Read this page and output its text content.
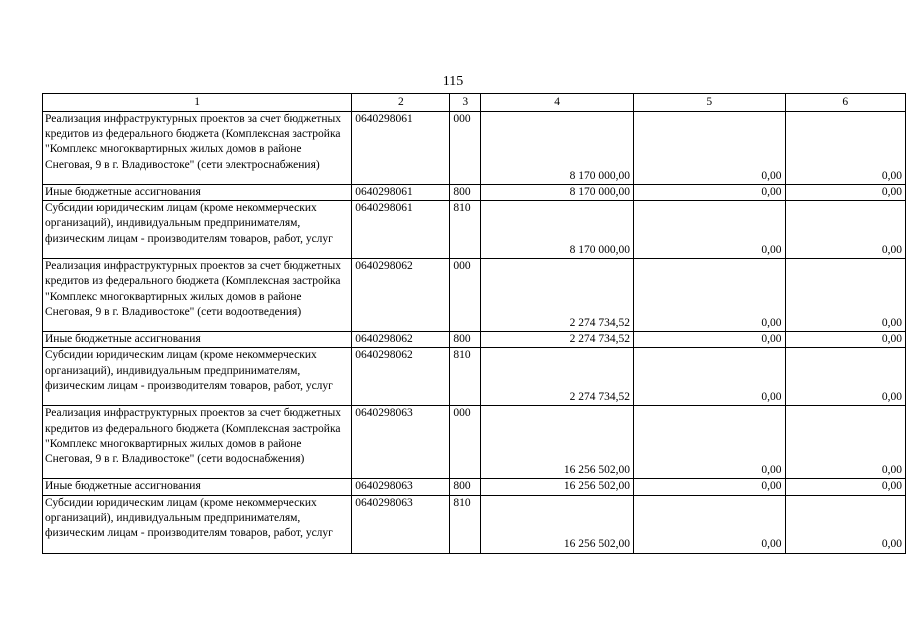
115
1	2	3	4	5	6
Реализация инфраструктурных проектов за счет бюджетных кредитов из федерального бюджета (Комплексная застройка "Комплекс многоквартирных жилых домов в районе Снеговая, 9 в г. Владивостоке" (сети электроснабжения)	0640298061	000	8 170 000,00	0,00	0,00
Иные бюджетные ассигнования	0640298061	800	8 170 000,00	0,00	0,00
Субсидии юридическим лицам (кроме некоммерческих организаций), индивидуальным предпринимателям, физическим лицам - производителям товаров, работ, услуг	0640298061	810	8 170 000,00	0,00	0,00
Реализация инфраструктурных проектов за счет бюджетных кредитов из федерального бюджета (Комплексная застройка "Комплекс многоквартирных жилых домов в районе Снеговая, 9 в г. Владивостоке" (сети водоотведения)	0640298062	000	2 274 734,52	0,00	0,00
Иные бюджетные ассигнования	0640298062	800	2 274 734,52	0,00	0,00
Субсидии юридическим лицам (кроме некоммерческих организаций), индивидуальным предпринимателям, физическим лицам - производителям товаров, работ, услуг	0640298062	810	2 274 734,52	0,00	0,00
Реализация инфраструктурных проектов за счет бюджетных кредитов из федерального бюджета (Комплексная застройка "Комплекс многоквартирных жилых домов в районе Снеговая, 9 в г. Владивостоке" (сети водоснабжения)	0640298063	000	16 256 502,00	0,00	0,00
Иные бюджетные ассигнования	0640298063	800	16 256 502,00	0,00	0,00
Субсидии юридическим лицам (кроме некоммерческих организаций), индивидуальным предпринимателям, физическим лицам - производителям товаров, работ, услуг	0640298063	810	16 256 502,00	0,00	0,00
